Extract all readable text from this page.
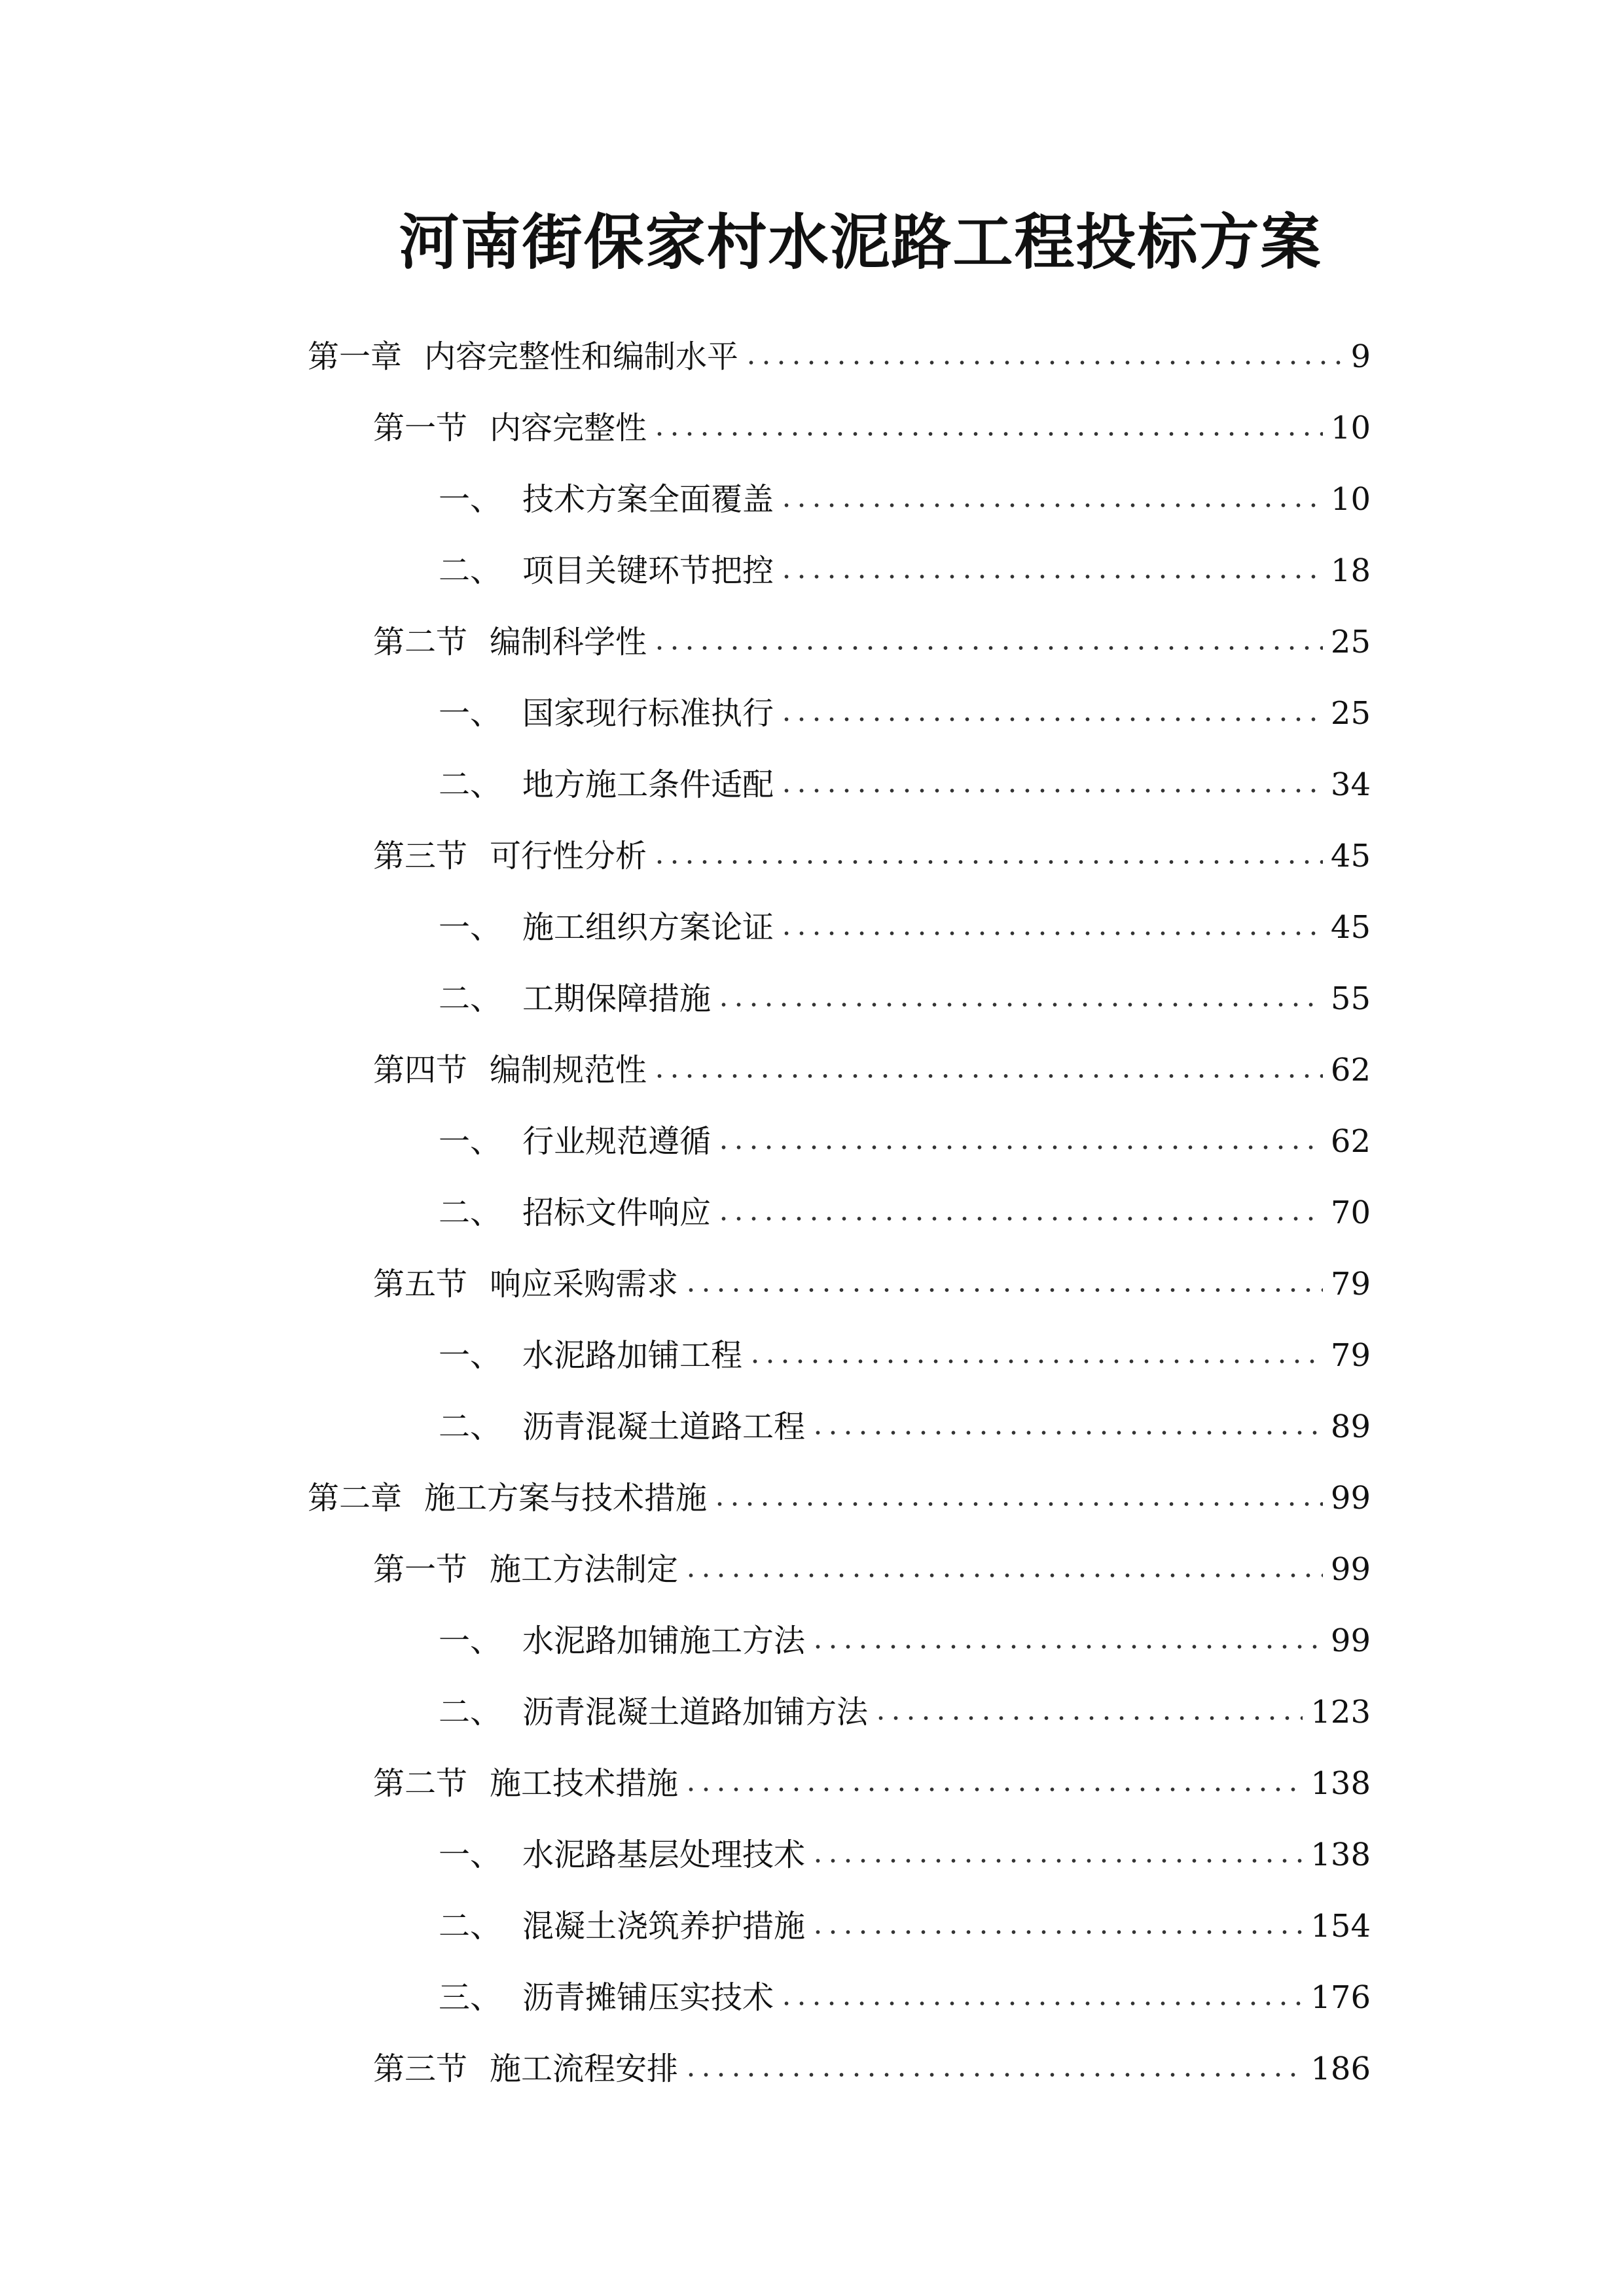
河南街保家村水泥路工程投标方案
第一章 内容完整性和编制水平	9
第一节 内容完整性	10
一、 技术方案全面覆盖	10
二、 项目关键环节把控	18
第二节 编制科学性	25
一、 国家现行标准执行	25
二、 地方施工条件适配	34
第三节 可行性分析	45
一、 施工组织方案论证	45
二、 工期保障措施	55
第四节 编制规范性	62
一、 行业规范遵循	62
二、 招标文件响应	70
第五节 响应采购需求	79
一、 水泥路加铺工程	79
二、 沥青混凝土道路工程	89
第二章 施工方案与技术措施	99
第一节 施工方法制定	99
一、 水泥路加铺施工方法	99
二、 沥青混凝土道路加铺方法	123
第二节 施工技术措施	138
一、 水泥路基层处理技术	138
二、 混凝土浇筑养护措施	154
三、 沥青摊铺压实技术	176
第三节 施工流程安排	186
